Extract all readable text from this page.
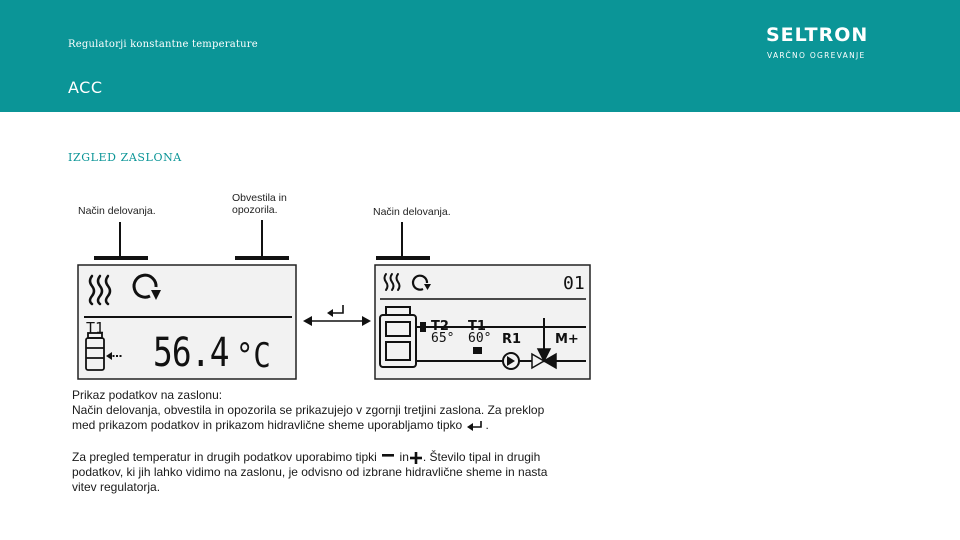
Regulatorji konstantne temperature
ACC
SELTRON
VARČNO OGREVANJE
IZGLED ZASLONA
Način delovanja.
Obvestila in
opozorila.	Način delovanja.
T1
56.4 °C
01
T2
65°
T1
60° R1	M+
Prikaz podatkov na zaslonu:
Način delovanja, obvestila in opozorila se prikazujejo v zgornji tretjini zaslona. Za preklop
med prikazom podatkov in prikazom hidravlične sheme uporabljamo tipko .
Za pregled temperatur in drugih podatkov uporabimo tipki in . Število tipal in drugih
podatkov, ki jih lahko vidimo na zaslonu, je odvisno od izbrane hidravlične sheme in nasta
vitev regulatorja.
